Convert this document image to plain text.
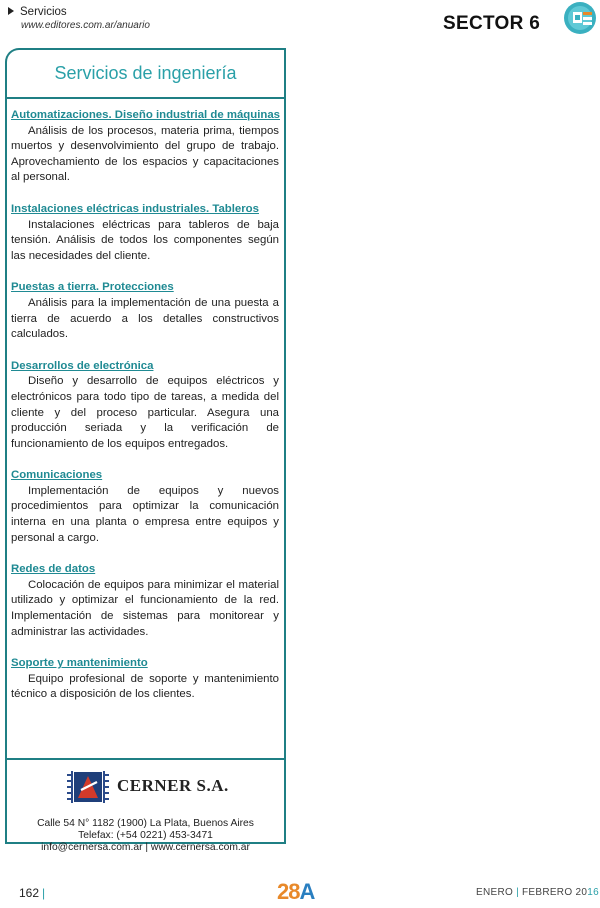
Servicios
www.editores.com.ar/anuario	SECTOR 6
Servicios de ingeniería
Automatizaciones. Diseño industrial de máquinas

Análisis de los procesos, materia prima, tiempos muertos y desenvolvimiento del grupo de trabajo. Aprovechamiento de los espacios y capacitaciones al personal.

Instalaciones eléctricas industriales. Tableros

Instalaciones eléctricas para tableros de baja tensión. Análisis de todos los componentes según las necesidades del cliente.

Puestas a tierra. Protecciones

Análisis para la implementación de una puesta a tierra de acuerdo a los detalles constructivos calculados.

Desarrollos de electrónica

Diseño y desarrollo de equipos eléctricos y electrónicos para todo tipo de tareas, a medida del cliente y del proceso particular. Asegura una producción seriada y la verificación de funcionamiento de los equipos entregados.

Comunicaciones

Implementación de equipos y nuevos procedimientos para optimizar la comunicación interna en una planta o empresa entre equipos y personal a cargo.

Redes de datos

Colocación de equipos para minimizar el material utilizado y optimizar el funcionamiento de la red. Implementación de sistemas para monitorear y administrar las actividades.

Soporte y mantenimiento

Equipo profesional de soporte y mantenimiento técnico a disposición de los clientes.

CERNER S.A.
Calle 54 N° 1182 (1900) La Plata, Buenos Aires
Telefax: (+54 0221) 453-3471
info@cernersa.com.ar | www.cernersa.com.ar
162 |	28A	ENERO | FEBRERO 2016
